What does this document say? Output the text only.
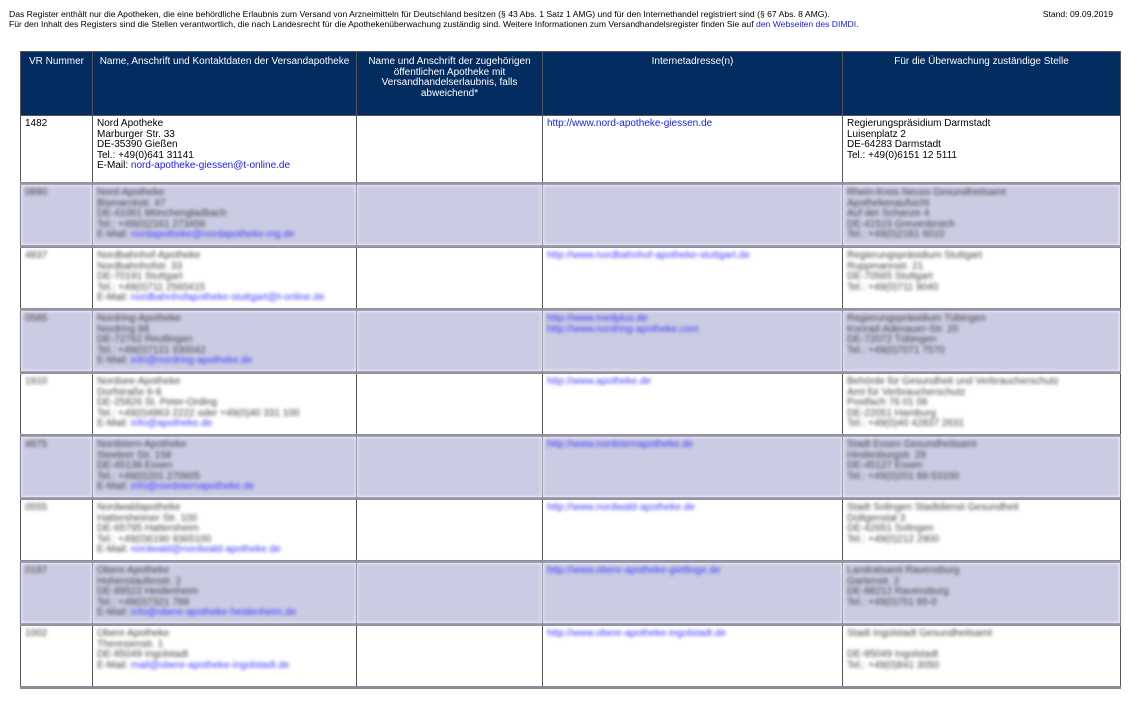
Das Register enthält nur die Apotheken, die eine behördliche Erlaubnis zum Versand von Arzneimitteln für Deutschland besitzen (§ 43 Abs. 1 Satz 1 AMG) und für den Internethandel registriert sind (§ 67 Abs. 8 AMG).
Für den Inhalt des Registers sind die Stellen verantwortlich, die nach Landesrecht für die Apothekenüberwachung zuständig sind. Weitere Informationen zum Versandhandelsregister finden Sie auf den Webseiten des DIMDI.
Stand: 09.09.2019
VR Nummer	Name, Anschrift und Kontaktdaten der Versandapotheke	Name und Anschrift der zugehörigen öffentlichen Apotheke mit Versandhandelserlaubnis, falls abweichend*	Internetadresse(n)	Für die Überwachung zuständige Stelle

1482	Nord Apotheke
Marburger Str. 33
DE-35390 Gießen
Tel.: +49(0)641 31141
E-Mail: nord-apotheke-giessen@t-online.de		http://www.nord-apotheke-giessen.de	Regierungspräsidium Darmstadt
Luisenplatz 2
DE-64283 Darmstadt
Tel.: +49(0)6151 12 5111

0890	Nord-Apotheke
Bismarckstr. 47
DE-41061 Mönchengladbach
Tel.: +49(0)2161 273456
E-Mail: nordapotheke@nordapotheke-mg.de			Rhein-Kreis Neuss Gesundheitsamt
Apothekenaufsicht
Auf der Schanze 4
DE-41515 Grevenbroich
Tel.: +49(0)2181 6010

4837	Nordbahnhof-Apotheke
Nordbahnhofstr. 33
DE-70191 Stuttgart
Tel.: +49(0)711 2560415
E-Mail: nordbahnhofapotheke-stuttgart@t-online.de		http://www.nordbahnhof-apotheke-stuttgart.de	Regierungspräsidium Stuttgart
Ruppmannstr. 21
DE-70565 Stuttgart
Tel.: +49(0)711 9040

0585	Nordring-Apotheke
Nordring 88
DE-72762 Reutlingen
Tel.: +49(0)7121 330042
E-Mail: info@nordring-apotheke.de		http://www.medplus.de
http://www.nordring-apotheke.com	Regierungspräsidium Tübingen
Konrad-Adenauer-Str. 20
DE-72072 Tübingen
Tel.: +49(0)7071 7570

1910	Nordsee-Apotheke
Dorfstraße 6-8
DE-25826 St. Peter-Ording
Tel.: +49(0)4863 2222 oder +49(0)40 331 100
E-Mail: info@apotheke.de		http://www.apotheke.de	Behörde für Gesundheit und Verbraucherschutz
Amt für Verbraucherschutz
Postfach 76 01 06
DE-22051 Hamburg
Tel.: +49(0)40 42837 2631

4875	Nordstern-Apotheke
Steeleer Str. 158
DE-45138 Essen
Tel.: +49(0)201 270605
E-Mail: info@nordsternapotheke.de		http://www.nordsternapotheke.de	Stadt Essen Gesundheitsamt
Hindenburgstr. 29
DE-45127 Essen
Tel.: +49(0)201 88-53100

0555	Nordwaldapotheke
Hattersheimer Str. 100
DE-65795 Hattersheim
Tel.: +49(0)6190 9365100
E-Mail: nordwald@nordwald-apotheke.de		http://www.nordwald-apotheke.de	Stadt Solingen Stadtdienst Gesundheit
Dültgenstal 3
DE-42651 Solingen
Tel.: +49(0)212 2900

0187	Obere Apotheke
Hohenstaufenstr. 2
DE-89522 Heidenheim
Tel.: +49(0)7321 789
E-Mail: info@obere-apotheke-heidenheim.de		http://www.obere-apotheke-gietlinge.de	Landratsamt Ravensburg
Gartenstr. 2
DE-88212 Ravensburg
Tel.: +49(0)751 85-0

1002	Obere Apotheke
Theresienstr. 1
DE-85049 Ingolstadt
E-Mail: mail@obere-apotheke-ingolstadt.de		http://www.obere-apotheke-ingolstadt.de	Stadt Ingolstadt Gesundheitsamt

DE-85049 Ingolstadt
Tel.: +49(0)841 3050
